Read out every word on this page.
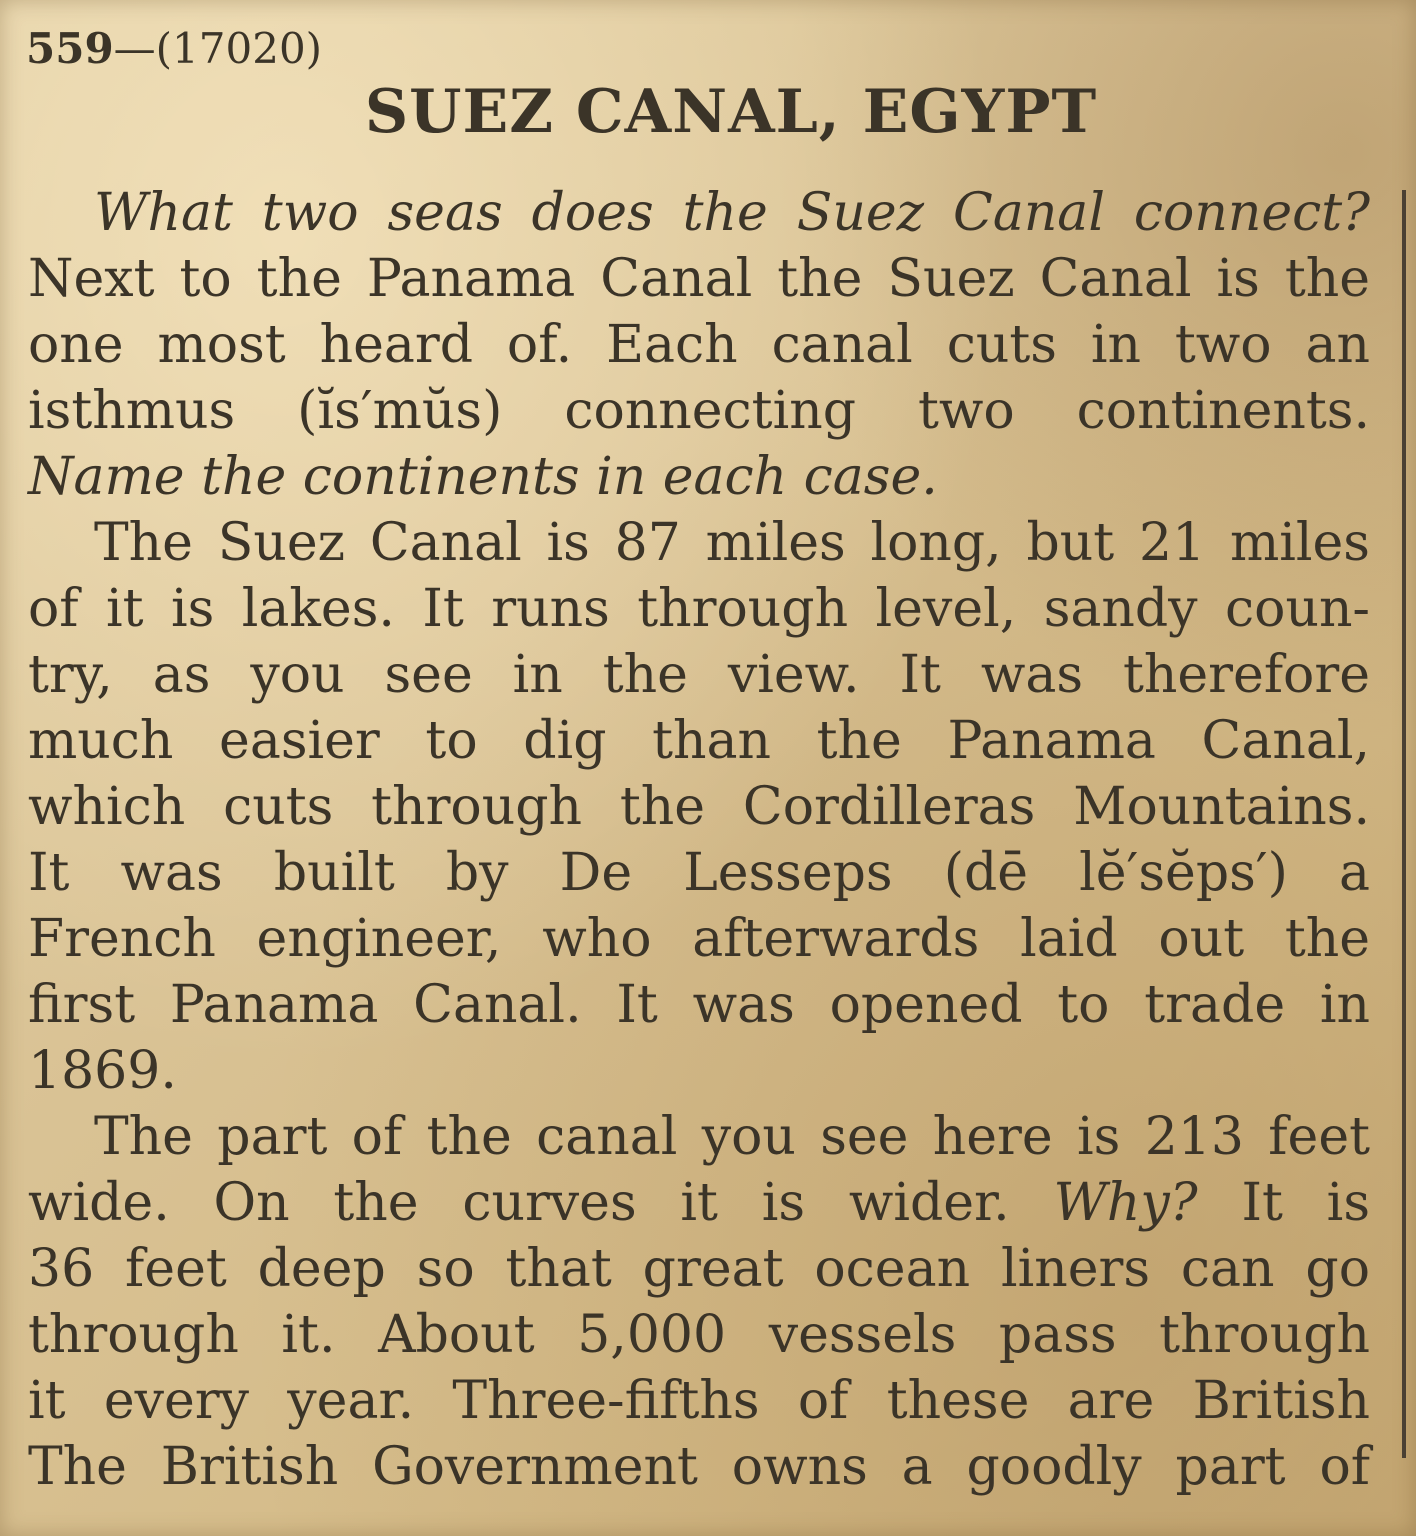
559—(17020)
SUEZ CANAL, EGYPT
What two seas does the Suez Canal connect?
Next to the Panama Canal the Suez Canal is the
one most heard of. Each canal cuts in two an
isthmus (ĭs′mŭs) connecting two continents.
Name the continents in each case.
The Suez Canal is 87 miles long, but 21 miles
of it is lakes. It runs through level, sandy coun-
try, as you see in the view. It was therefore
much easier to dig than the Panama Canal,
which cuts through the Cordilleras Mountains.
It was built by De Lesseps (dē lĕ′sĕps′) a
French engineer, who afterwards laid out the
first Panama Canal. It was opened to trade in
1869.
The part of the canal you see here is 213 feet
wide. On the curves it is wider. Why? It is
36 feet deep so that great ocean liners can go
through it. About 5,000 vessels pass through
it every year. Three-fifths of these are British
The British Government owns a goodly part of
